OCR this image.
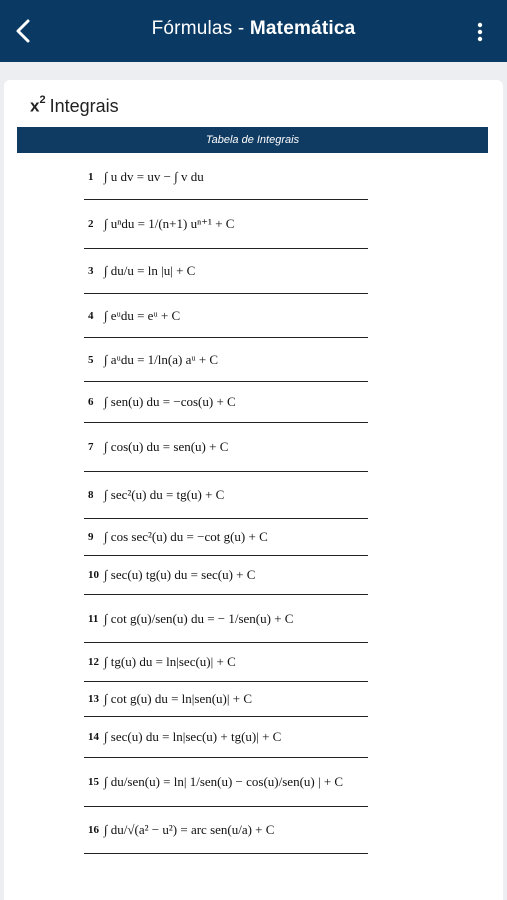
Fórmulas - Matemática
$x^2$ Integrais
Tabela de Integrais
1 ∫ u dv = uv − ∫ v du
2 ∫ uⁿdu = 1/(n+1) uⁿ⁺¹ + C
3 ∫ du/u = ln |u| + C
4 ∫ eᵘdu = eᵘ + C
5 ∫ aᵘdu = 1/ln(a) aᵘ + C
6 ∫ sen(u) du = −cos(u) + C
7 ∫ cos(u) du = sen(u) + C
8 ∫ sec²(u) du = tg(u) + C
9 ∫ cos sec²(u) du = −cot g(u) + C
10 ∫ sec(u) tg(u) du = sec(u) + C
11 ∫ cot g(u)/sen(u) du = − 1/sen(u) + C
12 ∫ tg(u) du = ln|sec(u)| + C
13 ∫ cot g(u) du = ln|sen(u)| + C
14 ∫ sec(u) du = ln|sec(u) + tg(u)| + C
15 ∫ du/sen(u) = ln| 1/sen(u) − cos(u)/sen(u) | + C
16 ∫ du/√(a² − u²) = arc sen(u/a) + C
